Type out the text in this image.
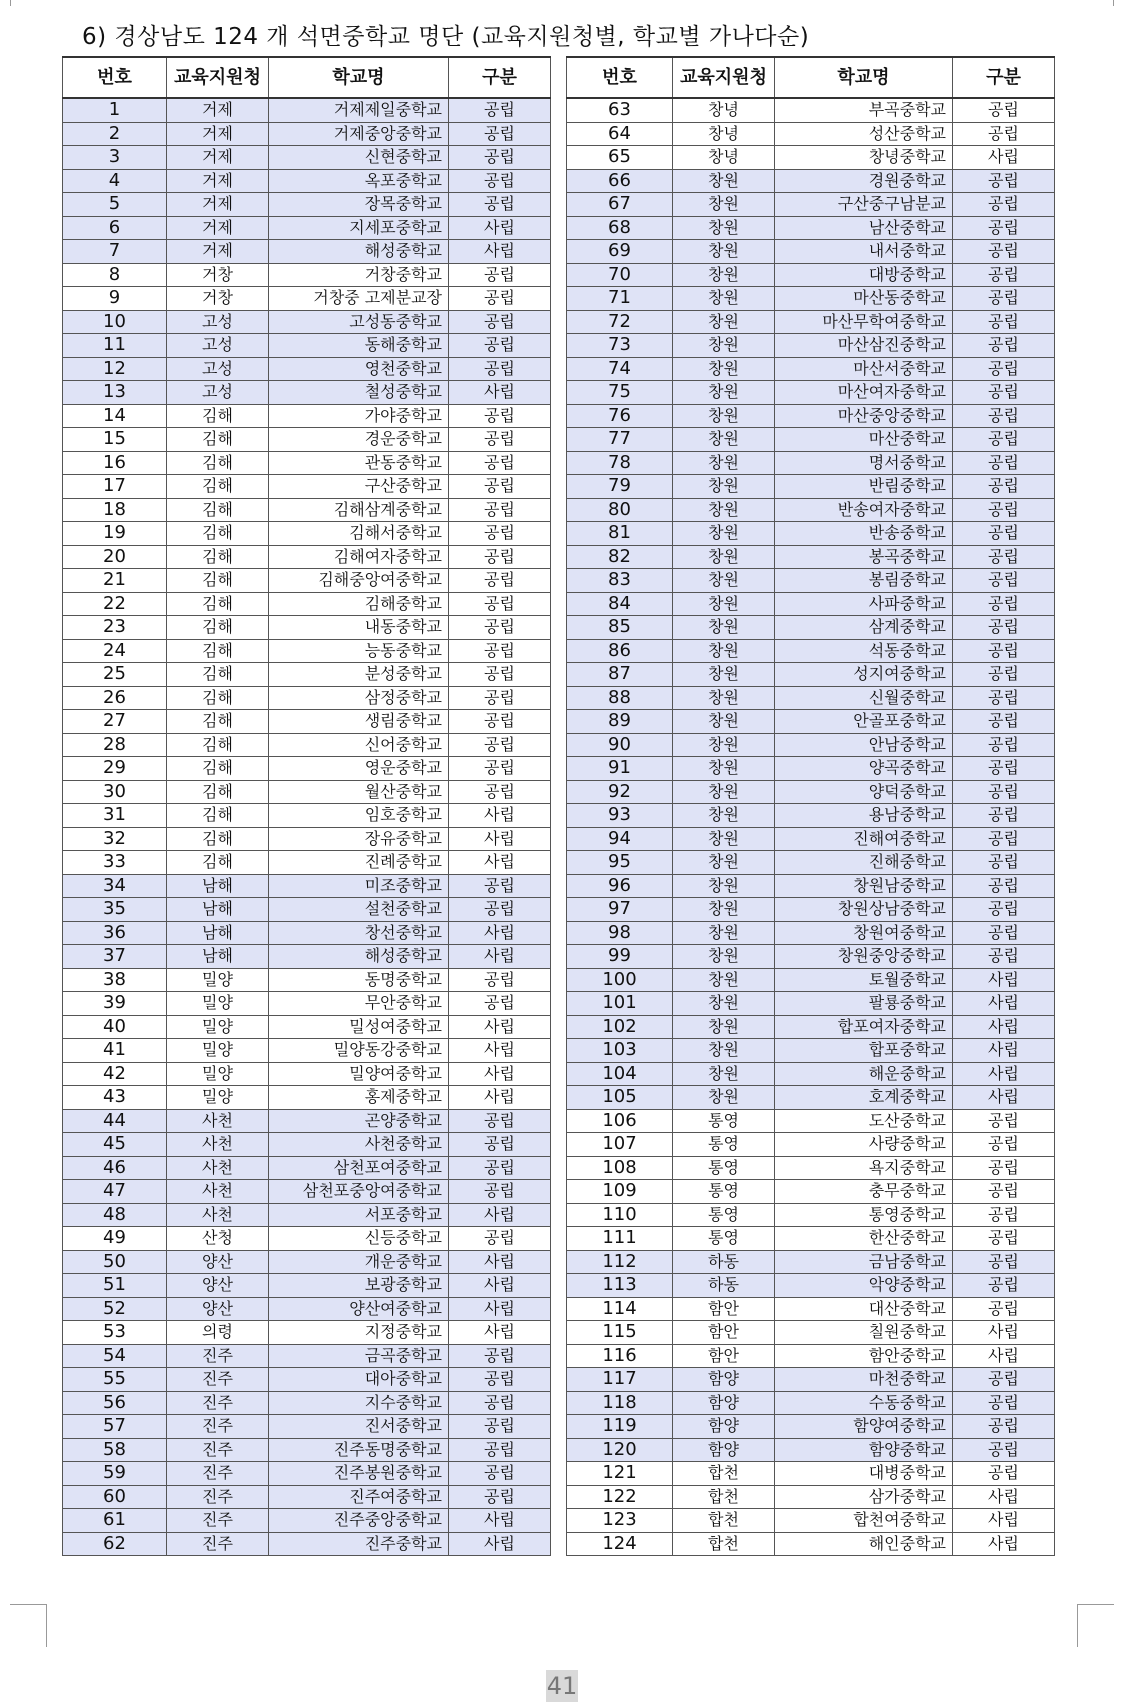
6) 경상남도 124 개 석면중학교 명단 (교육지원청별, 학교별 가나다순)
번호	교육지원청	학교명	구분
1	거제	거제제일중학교	공립
2	거제	거제중앙중학교	공립
3	거제	신현중학교	공립
4	거제	옥포중학교	공립
5	거제	장목중학교	공립
6	거제	지세포중학교	사립
7	거제	해성중학교	사립
8	거창	거창중학교	공립
9	거창	거창중 고제분교장	공립
10	고성	고성동중학교	공립
11	고성	동해중학교	공립
12	고성	영천중학교	공립
13	고성	철성중학교	사립
14	김해	가야중학교	공립
15	김해	경운중학교	공립
16	김해	관동중학교	공립
17	김해	구산중학교	공립
18	김해	김해삼계중학교	공립
19	김해	김해서중학교	공립
20	김해	김해여자중학교	공립
21	김해	김해중앙여중학교	공립
22	김해	김해중학교	공립
23	김해	내동중학교	공립
24	김해	능동중학교	공립
25	김해	분성중학교	공립
26	김해	삼정중학교	공립
27	김해	생림중학교	공립
28	김해	신어중학교	공립
29	김해	영운중학교	공립
30	김해	월산중학교	공립
31	김해	임호중학교	사립
32	김해	장유중학교	사립
33	김해	진례중학교	사립
34	남해	미조중학교	공립
35	남해	설천중학교	공립
36	남해	창선중학교	사립
37	남해	해성중학교	사립
38	밀양	동명중학교	공립
39	밀양	무안중학교	공립
40	밀양	밀성여중학교	사립
41	밀양	밀양동강중학교	사립
42	밀양	밀양여중학교	사립
43	밀양	홍제중학교	사립
44	사천	곤양중학교	공립
45	사천	사천중학교	공립
46	사천	삼천포여중학교	공립
47	사천	삼천포중앙여중학교	공립
48	사천	서포중학교	사립
49	산청	신등중학교	공립
50	양산	개운중학교	사립
51	양산	보광중학교	사립
52	양산	양산여중학교	사립
53	의령	지정중학교	사립
54	진주	금곡중학교	공립
55	진주	대아중학교	공립
56	진주	지수중학교	공립
57	진주	진서중학교	공립
58	진주	진주동명중학교	공립
59	진주	진주봉원중학교	공립
60	진주	진주여중학교	공립
61	진주	진주중앙중학교	사립
62	진주	진주중학교	사립
번호	교육지원청	학교명	구분
63	창녕	부곡중학교	공립
64	창녕	성산중학교	공립
65	창녕	창녕중학교	사립
66	창원	경원중학교	공립
67	창원	구산중구남분교	공립
68	창원	남산중학교	공립
69	창원	내서중학교	공립
70	창원	대방중학교	공립
71	창원	마산동중학교	공립
72	창원	마산무학여중학교	공립
73	창원	마산삼진중학교	공립
74	창원	마산서중학교	공립
75	창원	마산여자중학교	공립
76	창원	마산중앙중학교	공립
77	창원	마산중학교	공립
78	창원	명서중학교	공립
79	창원	반림중학교	공립
80	창원	반송여자중학교	공립
81	창원	반송중학교	공립
82	창원	봉곡중학교	공립
83	창원	봉림중학교	공립
84	창원	사파중학교	공립
85	창원	삼계중학교	공립
86	창원	석동중학교	공립
87	창원	성지여중학교	공립
88	창원	신월중학교	공립
89	창원	안골포중학교	공립
90	창원	안남중학교	공립
91	창원	양곡중학교	공립
92	창원	양덕중학교	공립
93	창원	용남중학교	공립
94	창원	진해여중학교	공립
95	창원	진해중학교	공립
96	창원	창원남중학교	공립
97	창원	창원상남중학교	공립
98	창원	창원여중학교	공립
99	창원	창원중앙중학교	공립
100	창원	토월중학교	사립
101	창원	팔룡중학교	사립
102	창원	합포여자중학교	사립
103	창원	합포중학교	사립
104	창원	해운중학교	사립
105	창원	호계중학교	사립
106	통영	도산중학교	공립
107	통영	사량중학교	공립
108	통영	욕지중학교	공립
109	통영	충무중학교	공립
110	통영	통영중학교	공립
111	통영	한산중학교	공립
112	하동	금남중학교	공립
113	하동	악양중학교	공립
114	함안	대산중학교	공립
115	함안	칠원중학교	사립
116	함안	함안중학교	사립
117	함양	마천중학교	공립
118	함양	수동중학교	공립
119	함양	함양여중학교	공립
120	함양	함양중학교	공립
121	합천	대병중학교	공립
122	합천	삼가중학교	사립
123	합천	합천여중학교	사립
124	합천	해인중학교	사립
41
